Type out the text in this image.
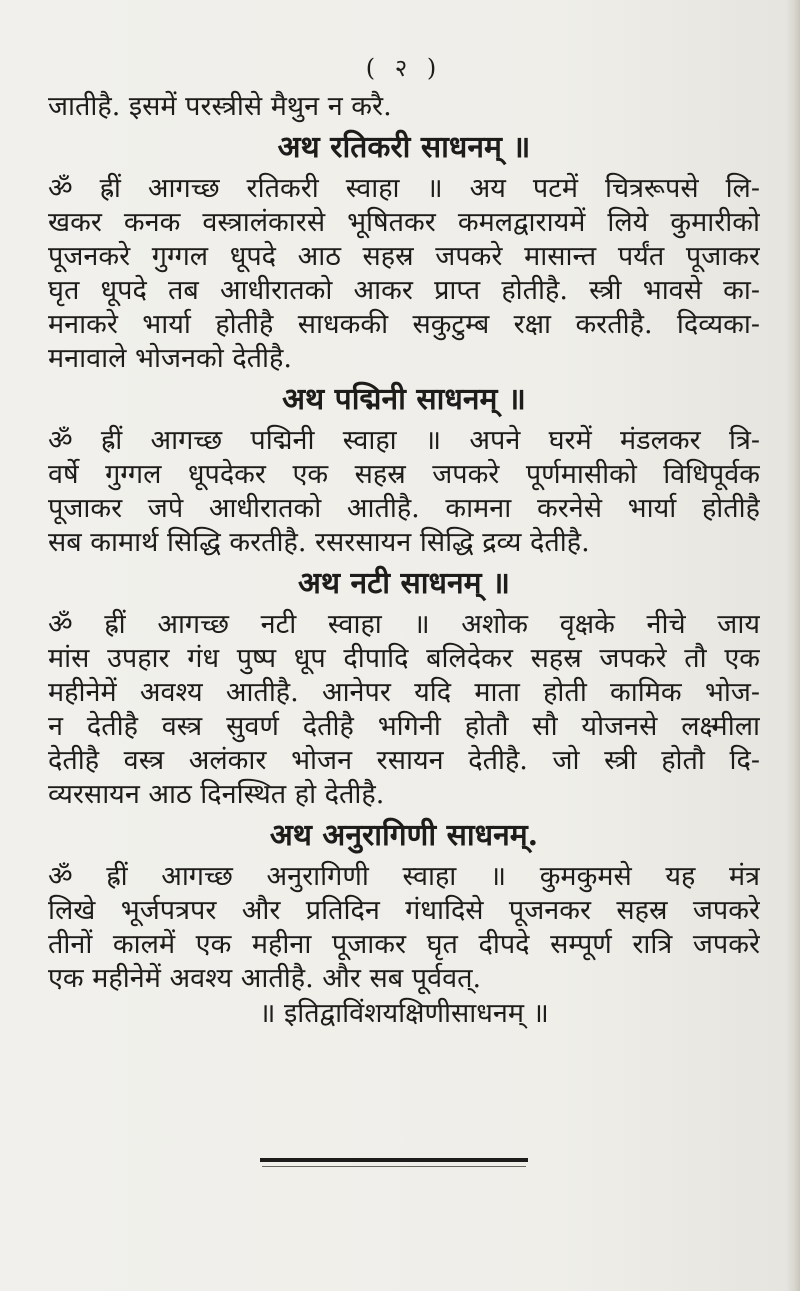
( २ )
जातीहै. इसमें परस्त्रीसे मैथुन न करै.
अथ रतिकरी साधनम् ॥
ॐ ह्रीं आगच्छ रतिकरी स्वाहा ॥ अय पटमें चित्ररूपसे लि-
खकर कनक वस्त्रालंकारसे भूषितकर कमलद्वारायमें लिये कुमारीको
पूजनकरे गुग्गल धूपदे आठ सहस्र जपकरे मासान्त पर्यंत पूजाकर
घृत धूपदे तब आधीरातको आकर प्राप्त होतीहै. स्त्री भावसे का-
मनाकरे भार्या होतीहै साधककी सकुटुम्ब रक्षा करतीहै. दिव्यका-
मनावाले भोजनको देतीहै.
अथ पद्मिनी साधनम् ॥
ॐ ह्रीं आगच्छ पद्मिनी स्वाहा ॥ अपने घरमें मंडलकर त्रि-
वर्षे गुग्गल धूपदेकर एक सहस्र जपकरे पूर्णमासीको विधिपूर्वक
पूजाकर जपे आधीरातको आतीहै. कामना करनेसे भार्या होतीहै
सब कामार्थ सिद्धि करतीहै. रसरसायन सिद्धि द्रव्य देतीहै.
अथ नटी साधनम् ॥
ॐ ह्रीं आगच्छ नटी स्वाहा ॥ अशोक वृक्षके नीचे जाय
मांस उपहार गंध पुष्प धूप दीपादि बलिदेकर सहस्र जपकरे तौ एक
महीनेमें अवश्य आतीहै. आनेपर यदि माता होती कामिक भोज-
न देतीहै वस्त्र सुवर्ण देतीहै भगिनी होतौ सौ योजनसे लक्ष्मीला
देतीहै वस्त्र अलंकार भोजन रसायन देतीहै. जो स्त्री होतौ दि-
व्यरसायन आठ दिनस्थित हो देतीहै.
अथ अनुरागिणी साधनम्.
ॐ ह्रीं आगच्छ अनुरागिणी स्वाहा ॥ कुमकुमसे यह मंत्र
लिखे भूर्जपत्रपर और प्रतिदिन गंधादिसे पूजनकर सहस्र जपकरे
तीनों कालमें एक महीना पूजाकर घृत दीपदे सम्पूर्ण रात्रि जपकरे
एक महीनेमें अवश्य आतीहै. और सब पूर्ववत्.
॥ इतिद्वाविंशयक्षिणीसाधनम् ॥
